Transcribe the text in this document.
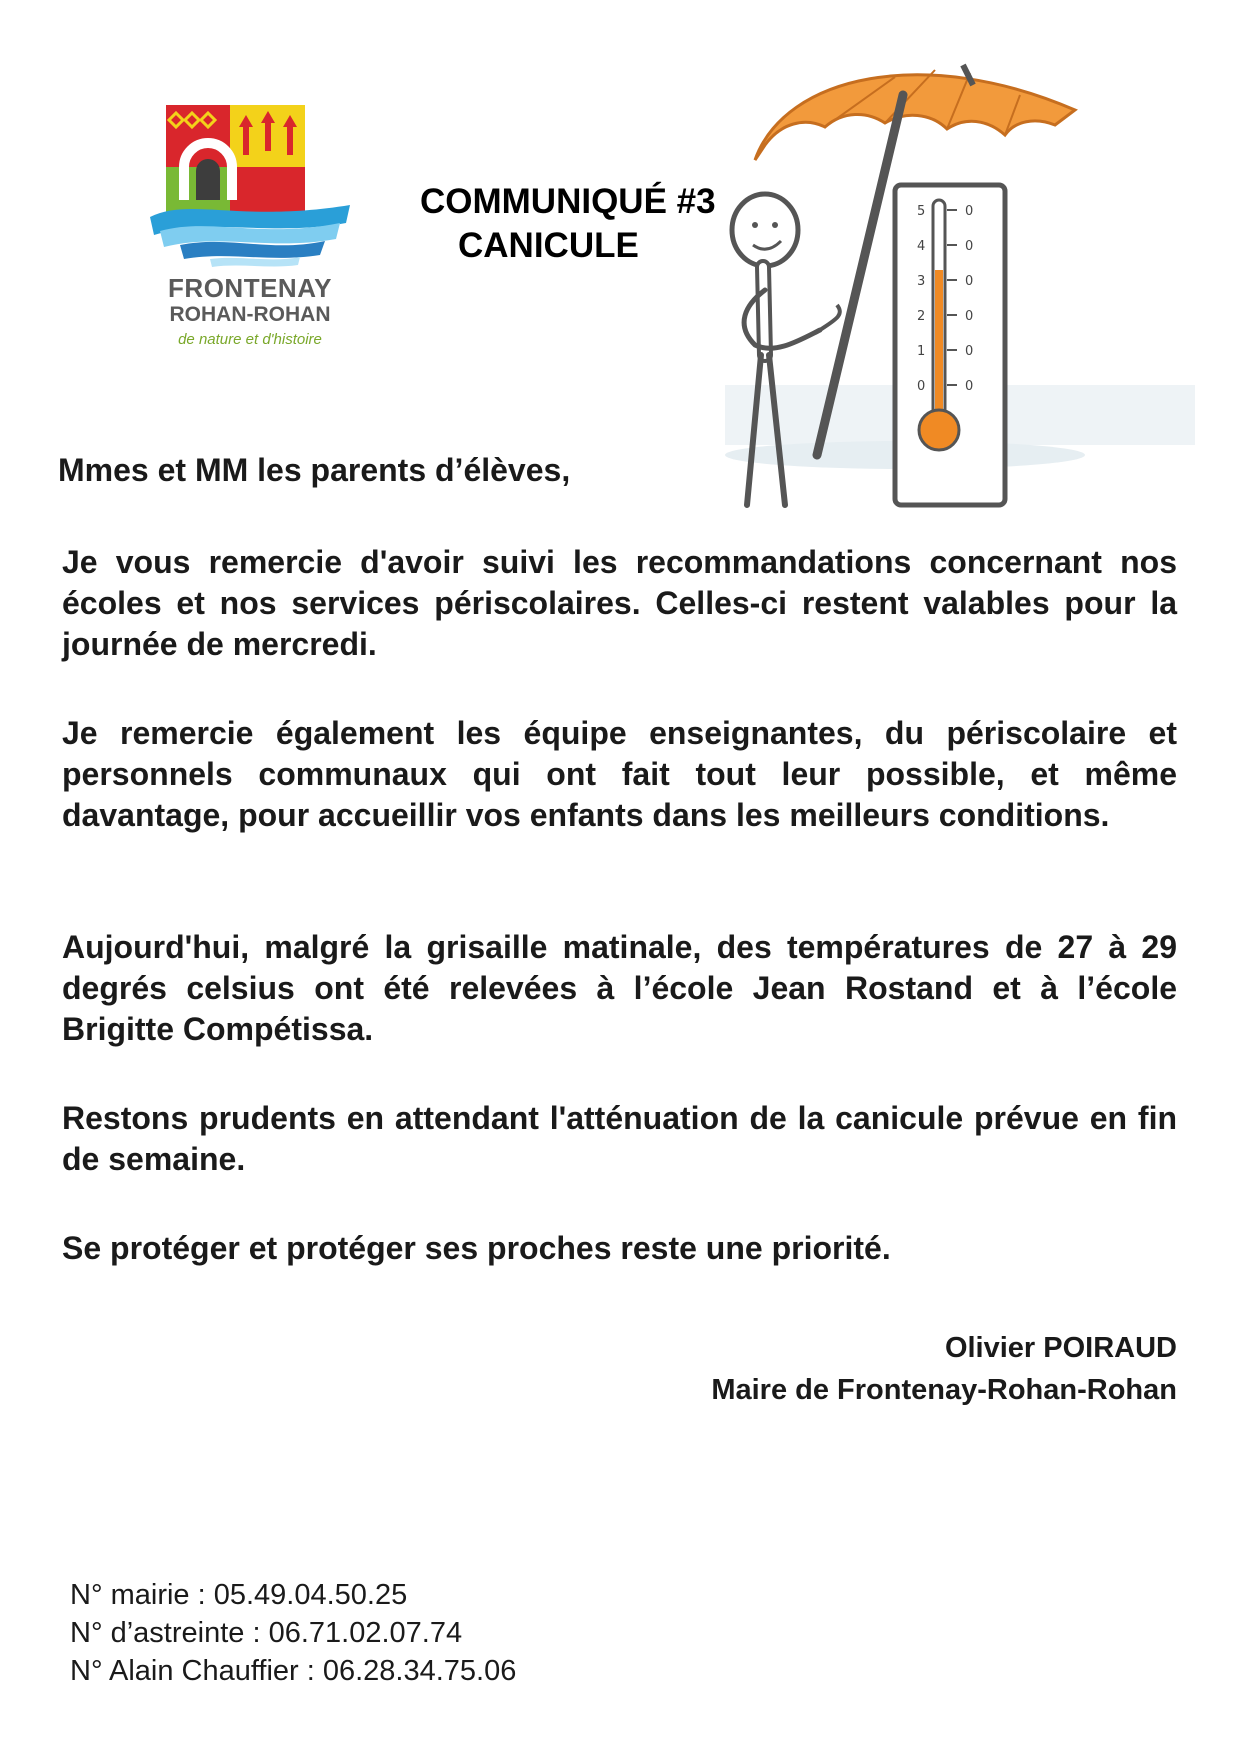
FRONTENAY
ROHAN-ROHAN
de nature et d'histoire
COMMUNIQUÉ #3
CANICULE
5
4
3
2
1
0
0
0
0
0
0
0
Mmes et MM les parents d’élèves,
Je vous remercie d'avoir suivi les recommandations concernant nos écoles et nos services périscolaires. Celles-ci restent valables pour la journée de mercredi.
Je remercie également les équipe enseignantes, du périscolaire et personnels communaux qui ont fait tout leur possible, et même davantage, pour accueillir vos enfants dans les meilleurs conditions.
Aujourd'hui, malgré la grisaille matinale, des températures de 27 à 29 degrés celsius ont été relevées à l’école Jean Rostand et à l’école Brigitte Compétissa.
Restons prudents en attendant l'atténuation de la canicule prévue en fin de semaine.
Se protéger et protéger ses proches reste une priorité.
Olivier POIRAUD
Maire de Frontenay-Rohan-Rohan
N° mairie : 05.49.04.50.25
N° d’astreinte : 06.71.02.07.74
N° Alain Chauffier : 06.28.34.75.06
